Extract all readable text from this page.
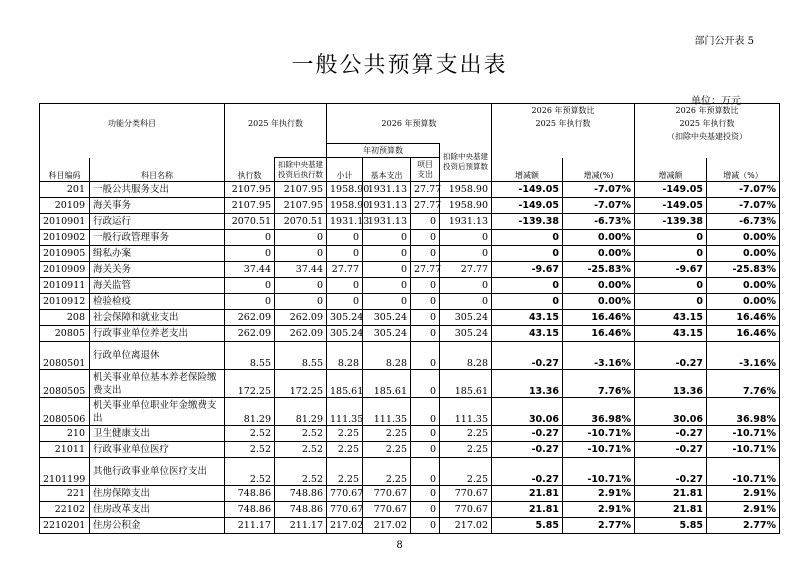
部门公开表 5
一般公共预算支出表
单位：万元
								2026 年预算数比		2026 年预算数比	
功能分类科目		2025 年执行数		2026 年预算数				2025 年执行数		2025 年执行数	
										（扣除中央基建投资）	
				年初预算数			扣除中央基建投资后预算数				
科目编码	科目名称	执行数	扣除中央基建投资后执行数	小计	基本支出	项目支出		增减额	增减(%)	增减额	增减（%）
201	一般公共服务支出	2107.95	2107.95	1958.90	1931.13	27.77	1958.90	-149.05	-7.07%	-149.05	-7.07%
20109	海关事务	2107.95	2107.95	1958.90	1931.13	27.77	1958.90	-149.05	-7.07%	-149.05	-7.07%
2010901	行政运行	2070.51	2070.51	1931.13	1931.13	0	1931.13	-139.38	-6.73%	-139.38	-6.73%
2010902	一般行政管理事务	0	0	0	0	0	0	0	0.00%	0	0.00%
2010905	缉私办案	0	0	0	0	0	0	0	0.00%	0	0.00%
2010909	海关关务	37.44	37.44	27.77	0	27.77	27.77	-9.67	-25.83%	-9.67	-25.83%
2010911	海关监管	0	0	0	0	0	0	0	0.00%	0	0.00%
2010912	检验检疫	0	0	0	0	0	0	0	0.00%	0	0.00%
208	社会保障和就业支出	262.09	262.09	305.24	305.24	0	305.24	43.15	16.46%	43.15	16.46%
20805	行政事业单位养老支出	262.09	262.09	305.24	305.24	0	305.24	43.15	16.46%	43.15	16.46%
2080501	行政单位离退休	8.55	8.55	8.28	8.28	0	8.28	-0.27	-3.16%	-0.27	-3.16%
2080505	机关事业单位基本养老保险缴费支出	172.25	172.25	185.61	185.61	0	185.61	13.36	7.76%	13.36	7.76%
2080506	机关事业单位职业年金缴费支出	81.29	81.29	111.35	111.35	0	111.35	30.06	36.98%	30.06	36.98%
210	卫生健康支出	2.52	2.52	2.25	2.25	0	2.25	-0.27	-10.71%	-0.27	-10.71%
21011	行政事业单位医疗	2.52	2.52	2.25	2.25	0	2.25	-0.27	-10.71%	-0.27	-10.71%
2101199	其他行政事业单位医疗支出	2.52	2.52	2.25	2.25	0	2.25	-0.27	-10.71%	-0.27	-10.71%
221	住房保障支出	748.86	748.86	770.67	770.67	0	770.67	21.81	2.91%	21.81	2.91%
22102	住房改革支出	748.86	748.86	770.67	770.67	0	770.67	21.81	2.91%	21.81	2.91%
2210201	住房公积金	211.17	211.17	217.02	217.02	0	217.02	5.85	2.77%	5.85	2.77%
8
